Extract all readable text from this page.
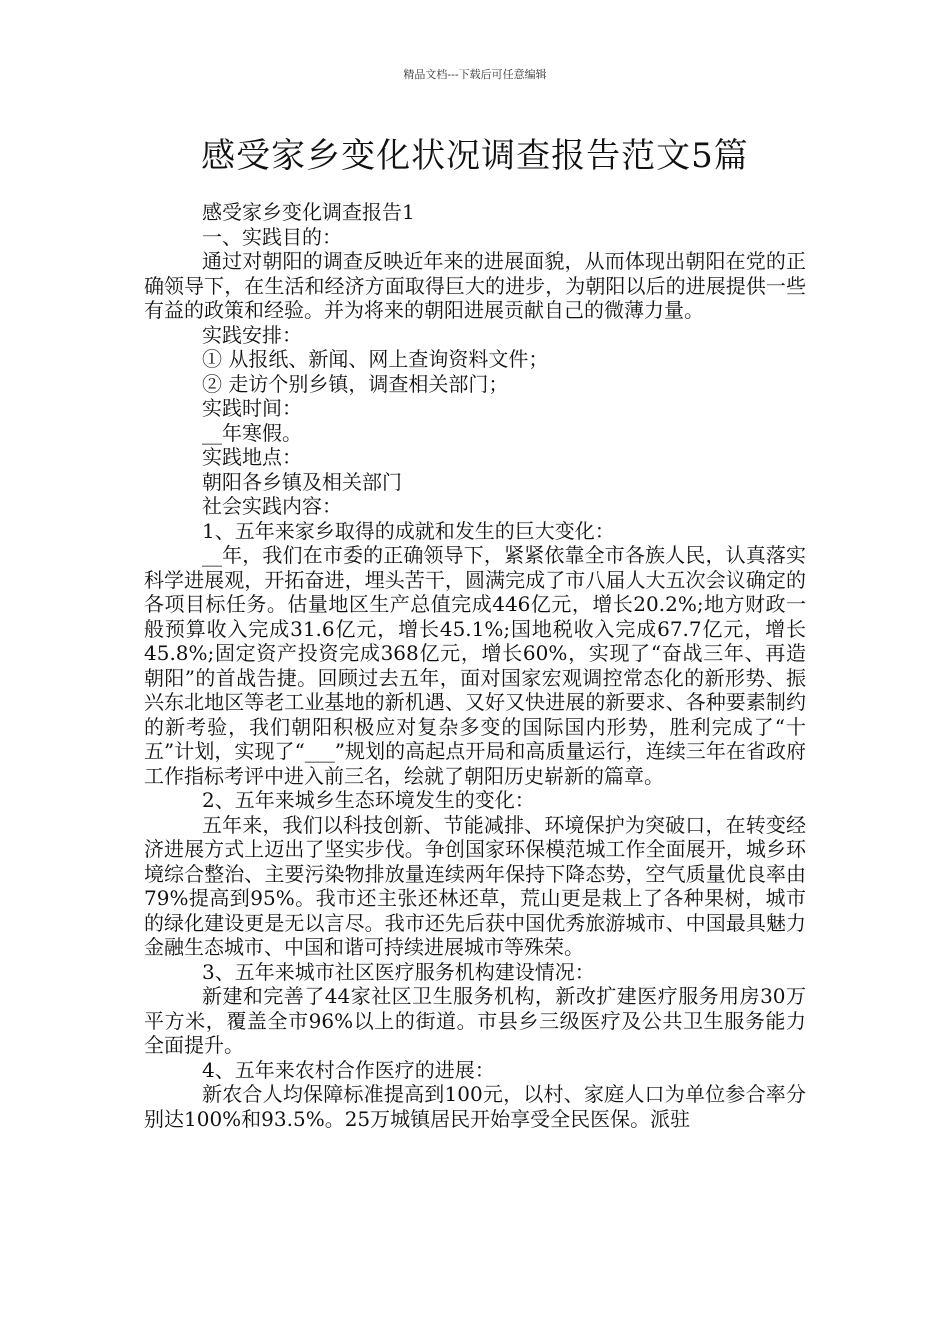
精品文档---下载后可任意编辑
感受家乡变化状况调查报告范文5篇

感受家乡变化调查报告1

一、实践目的：

通过对朝阳的调查反映近年来的进展面貌，从而体现出朝阳在党的正确领导下，在生活和经济方面取得巨大的进步，为朝阳以后的进展提供一些有益的政策和经验。并为将来的朝阳进展贡献自己的微薄力量。

实践安排：

① 从报纸、新闻、网上查询资料文件；

② 走访个别乡镇，调查相关部门；

实践时间：

__年寒假。

实践地点：

朝阳各乡镇及相关部门

社会实践内容：

1、五年来家乡取得的成就和发生的巨大变化：

__年，我们在市委的正确领导下，紧紧依靠全市各族人民，认真落实科学进展观，开拓奋进，埋头苦干，圆满完成了市八届人大五次会议确定的各项目标任务。估量地区生产总值完成446亿元，增长20.2%;地方财政一般预算收入完成31.6亿元，增长45.1%;国地税收入完成67.7亿元，增长45.8%;固定资产投资完成368亿元，增长60%，实现了“奋战三年、再造朝阳”的首战告捷。回顾过去五年，面对国家宏观调控常态化的新形势、振兴东北地区等老工业基地的新机遇、又好又快进展的新要求、各种要素制约的新考验，我们朝阳积极应对复杂多变的国际国内形势，胜利完成了“十五”计划，实现了“___”规划的高起点开局和高质量运行，连续三年在省政府工作指标考评中进入前三名，绘就了朝阳历史崭新的篇章。

2、五年来城乡生态环境发生的变化：

五年来，我们以科技创新、节能减排、环境保护为突破口，在转变经济进展方式上迈出了坚实步伐。争创国家环保模范城工作全面展开，城乡环境综合整治、主要污染物排放量连续两年保持下降态势，空气质量优良率由79%提高到95%。我市还主张还林还草，荒山更是栽上了各种果树，城市的绿化建设更是无以言尽。我市还先后获中国优秀旅游城市、中国最具魅力金融生态城市、中国和谐可持续进展城市等殊荣。

3、五年来城市社区医疗服务机构建设情况：

新建和完善了44家社区卫生服务机构，新改扩建医疗服务用房30万平方米，覆盖全市96%以上的街道。市县乡三级医疗及公共卫生服务能力全面提升。

4、五年来农村合作医疗的进展：

新农合人均保障标准提高到100元，以村、家庭人口为单位参合率分别达100%和93.5%。25万城镇居民开始享受全民医保。派驻
